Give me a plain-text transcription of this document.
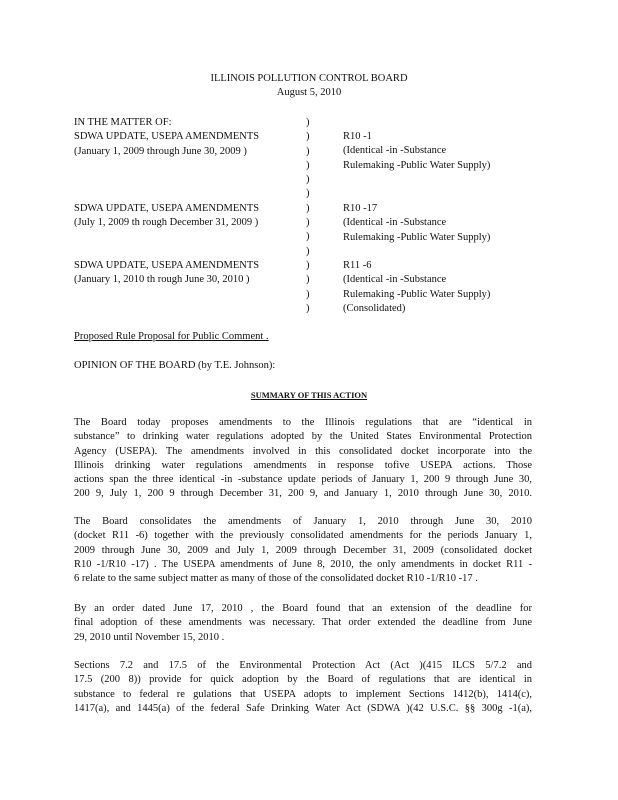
ILLINOIS POLLUTION CONTROL BOARD
August 5, 2010
IN THE MATTER OF:
SDWA UPDATE, USEPA AMENDMENTS
(January 1, 2009 through June 30, 2009 )
SDWA UPDATE, USEPA AMENDMENTS
(July 1, 2009 th rough December 31, 2009 )
SDWA UPDATE, USEPA AMENDMENTS
(January 1, 2010 th rough June 30, 2010 )
)
)
)
)
)
)
)
)
)
)
)
)
)
)
R10 -1
(Identical -in -Substance
Rulemaking -Public Water Supply)
R10 -17
(Identical -in -Substance
Rulemaking -Public Water Supply)
R11 -6
(Identical -in -Substance
Rulemaking -Public Water Supply)
(Consolidated)
Proposed Rule Proposal for Public Comment .
OPINION OF THE BOARD (by T.E. Johnson):
SUMMARY OF THIS ACTION
The Board today proposes amendments to the Illinois regulations that are “identical in
substance” to drinking water regulations adopted by the United States Environmental Protection
Agency (USEPA). The amendments involved in this consolidated docket incorporate into the
Illinois drinking water regulations amendments in response tofive USEPA actions. Those
actions span the three identical -in -substance update periods of January 1, 200 9 through June 30,
200 9, July 1, 200 9 through December 31, 200 9, and January 1, 2010 through June 30, 2010.
The Board consolidates the amendments of January 1, 2010 through June 30, 2010
(docket R11 -6) together with the previously consolidated amendments for the periods January 1,
2009 through June 30, 2009 and July 1, 2009 through December 31, 2009 (consolidated docket
R10 -1/R10 -17) . The USEPA amendments of June 8, 2010, the only amendments in docket R11 -
6 relate to the same subject matter as many of those of the consolidated docket R10 -1/R10 -17 .
By an order dated June 17, 2010 , the Board found that an extension of the deadline for
final adoption of these amendments was necessary. That order extended the deadline from June
29, 2010 until November 15, 2010 .
Sections 7.2 and 17.5 of the Environmental Protection Act (Act )(415 ILCS 5/7.2 and
17.5 (200 8)) provide for quick adoption by the Board of regulations that are identical in
substance to federal re gulations that USEPA adopts to implement Sections 1412(b), 1414(c),
1417(a), and 1445(a) of the federal Safe Drinking Water Act (SDWA )(42 U.S.C. §§ 300g -1(a),
